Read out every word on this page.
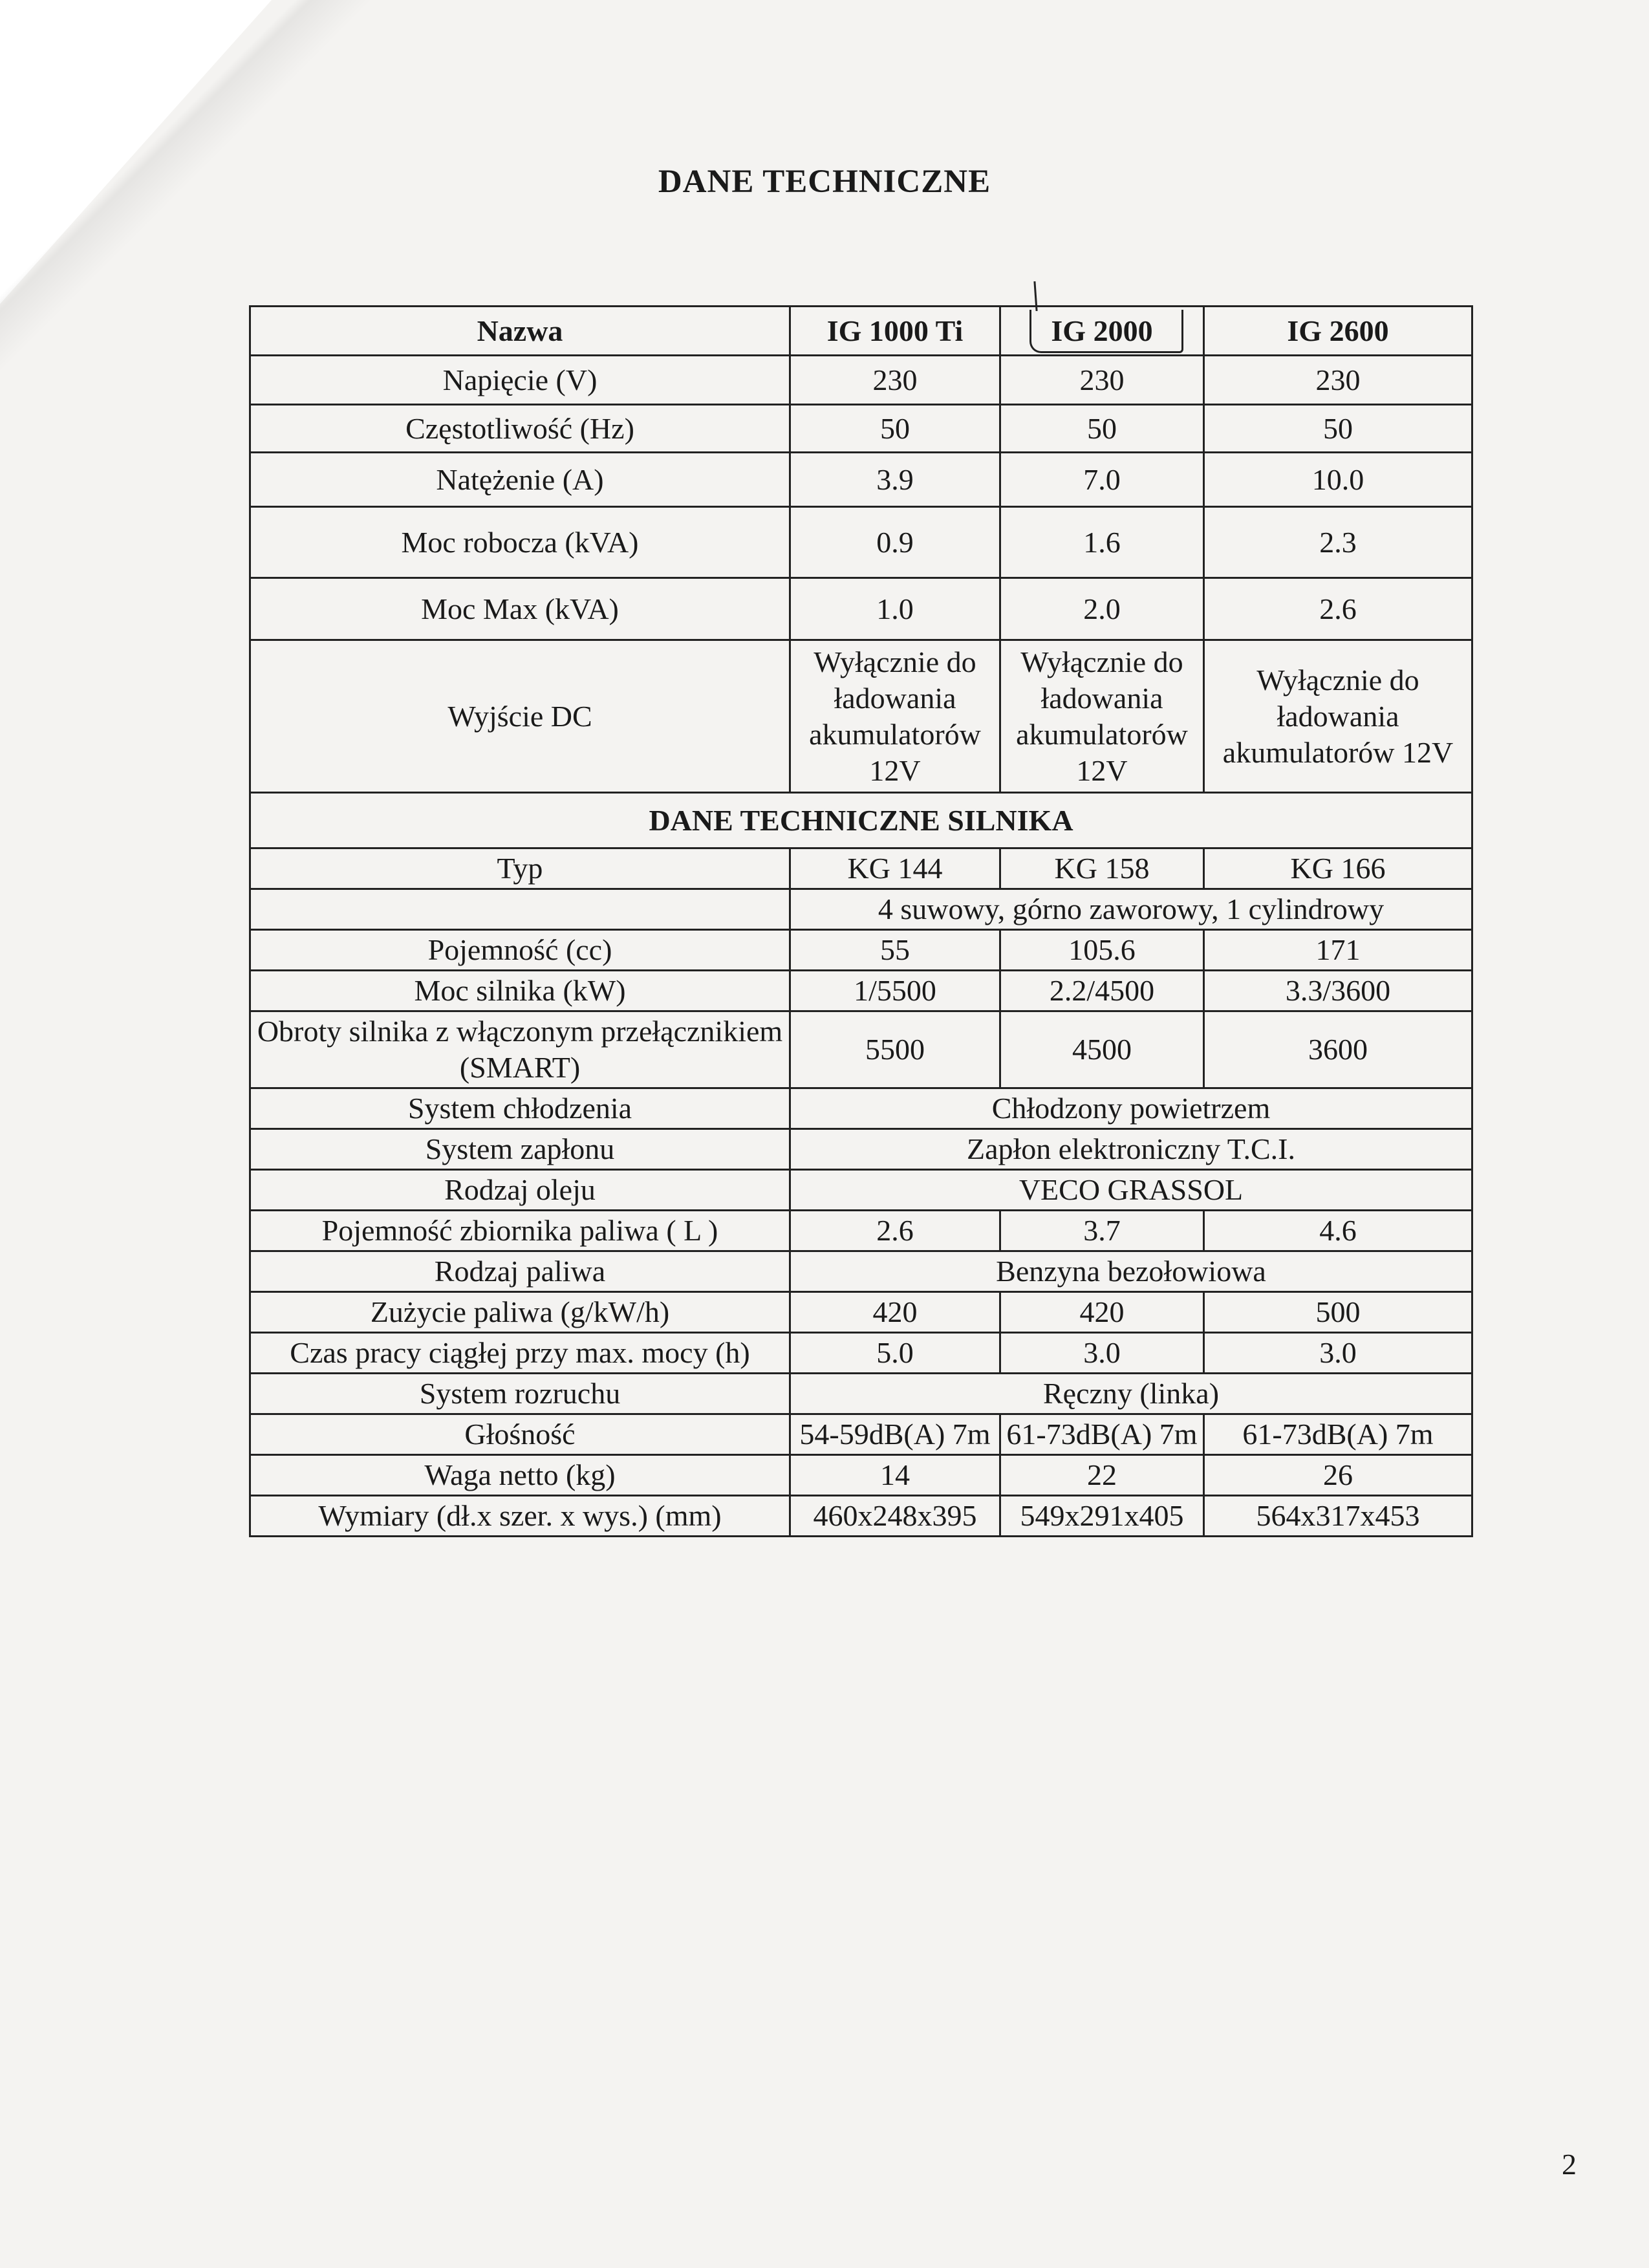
DANE TECHNICZNE
Nazwa	IG 1000 Ti	IG 2000	IG 2600
Napięcie (V)	230	230	230
Częstotliwość (Hz)	50	50	50
Natężenie (A)	3.9	7.0	10.0
Moc robocza (kVA)	0.9	1.6	2.3
Moc Max (kVA)	1.0	2.0	2.6
Wyjście DC	Wyłącznie do ładowania akumulatorów 12V	Wyłącznie do ładowania akumulatorów 12V	Wyłącznie do ładowania akumulatorów 12V
DANE TECHNICZNE SILNIKA			
Typ	KG 144	KG 158	KG 166
	4 suwowy, górno zaworowy, 1 cylindrowy		
Pojemność (cc)	55	105.6	171
Moc silnika (kW)	1/5500	2.2/4500	3.3/3600
Obroty silnika z włączonym przełącznikiem (SMART)	5500	4500	3600
System chłodzenia	Chłodzony powietrzem		
System zapłonu	Zapłon elektroniczny T.C.I.		
Rodzaj oleju	VECO GRASSOL		
Pojemność zbiornika paliwa ( L )	2.6	3.7	4.6
Rodzaj paliwa	Benzyna bezołowiowa		
Zużycie paliwa (g/kW/h)	420	420	500
Czas pracy ciągłej przy max. mocy (h)	5.0	3.0	3.0
System rozruchu	Ręczny (linka)		
Głośność	54-59dB(A) 7m	61-73dB(A) 7m	61-73dB(A) 7m
Waga netto (kg)	14	22	26
Wymiary (dł.x szer. x wys.) (mm)	460x248x395	549x291x405	564x317x453
2
